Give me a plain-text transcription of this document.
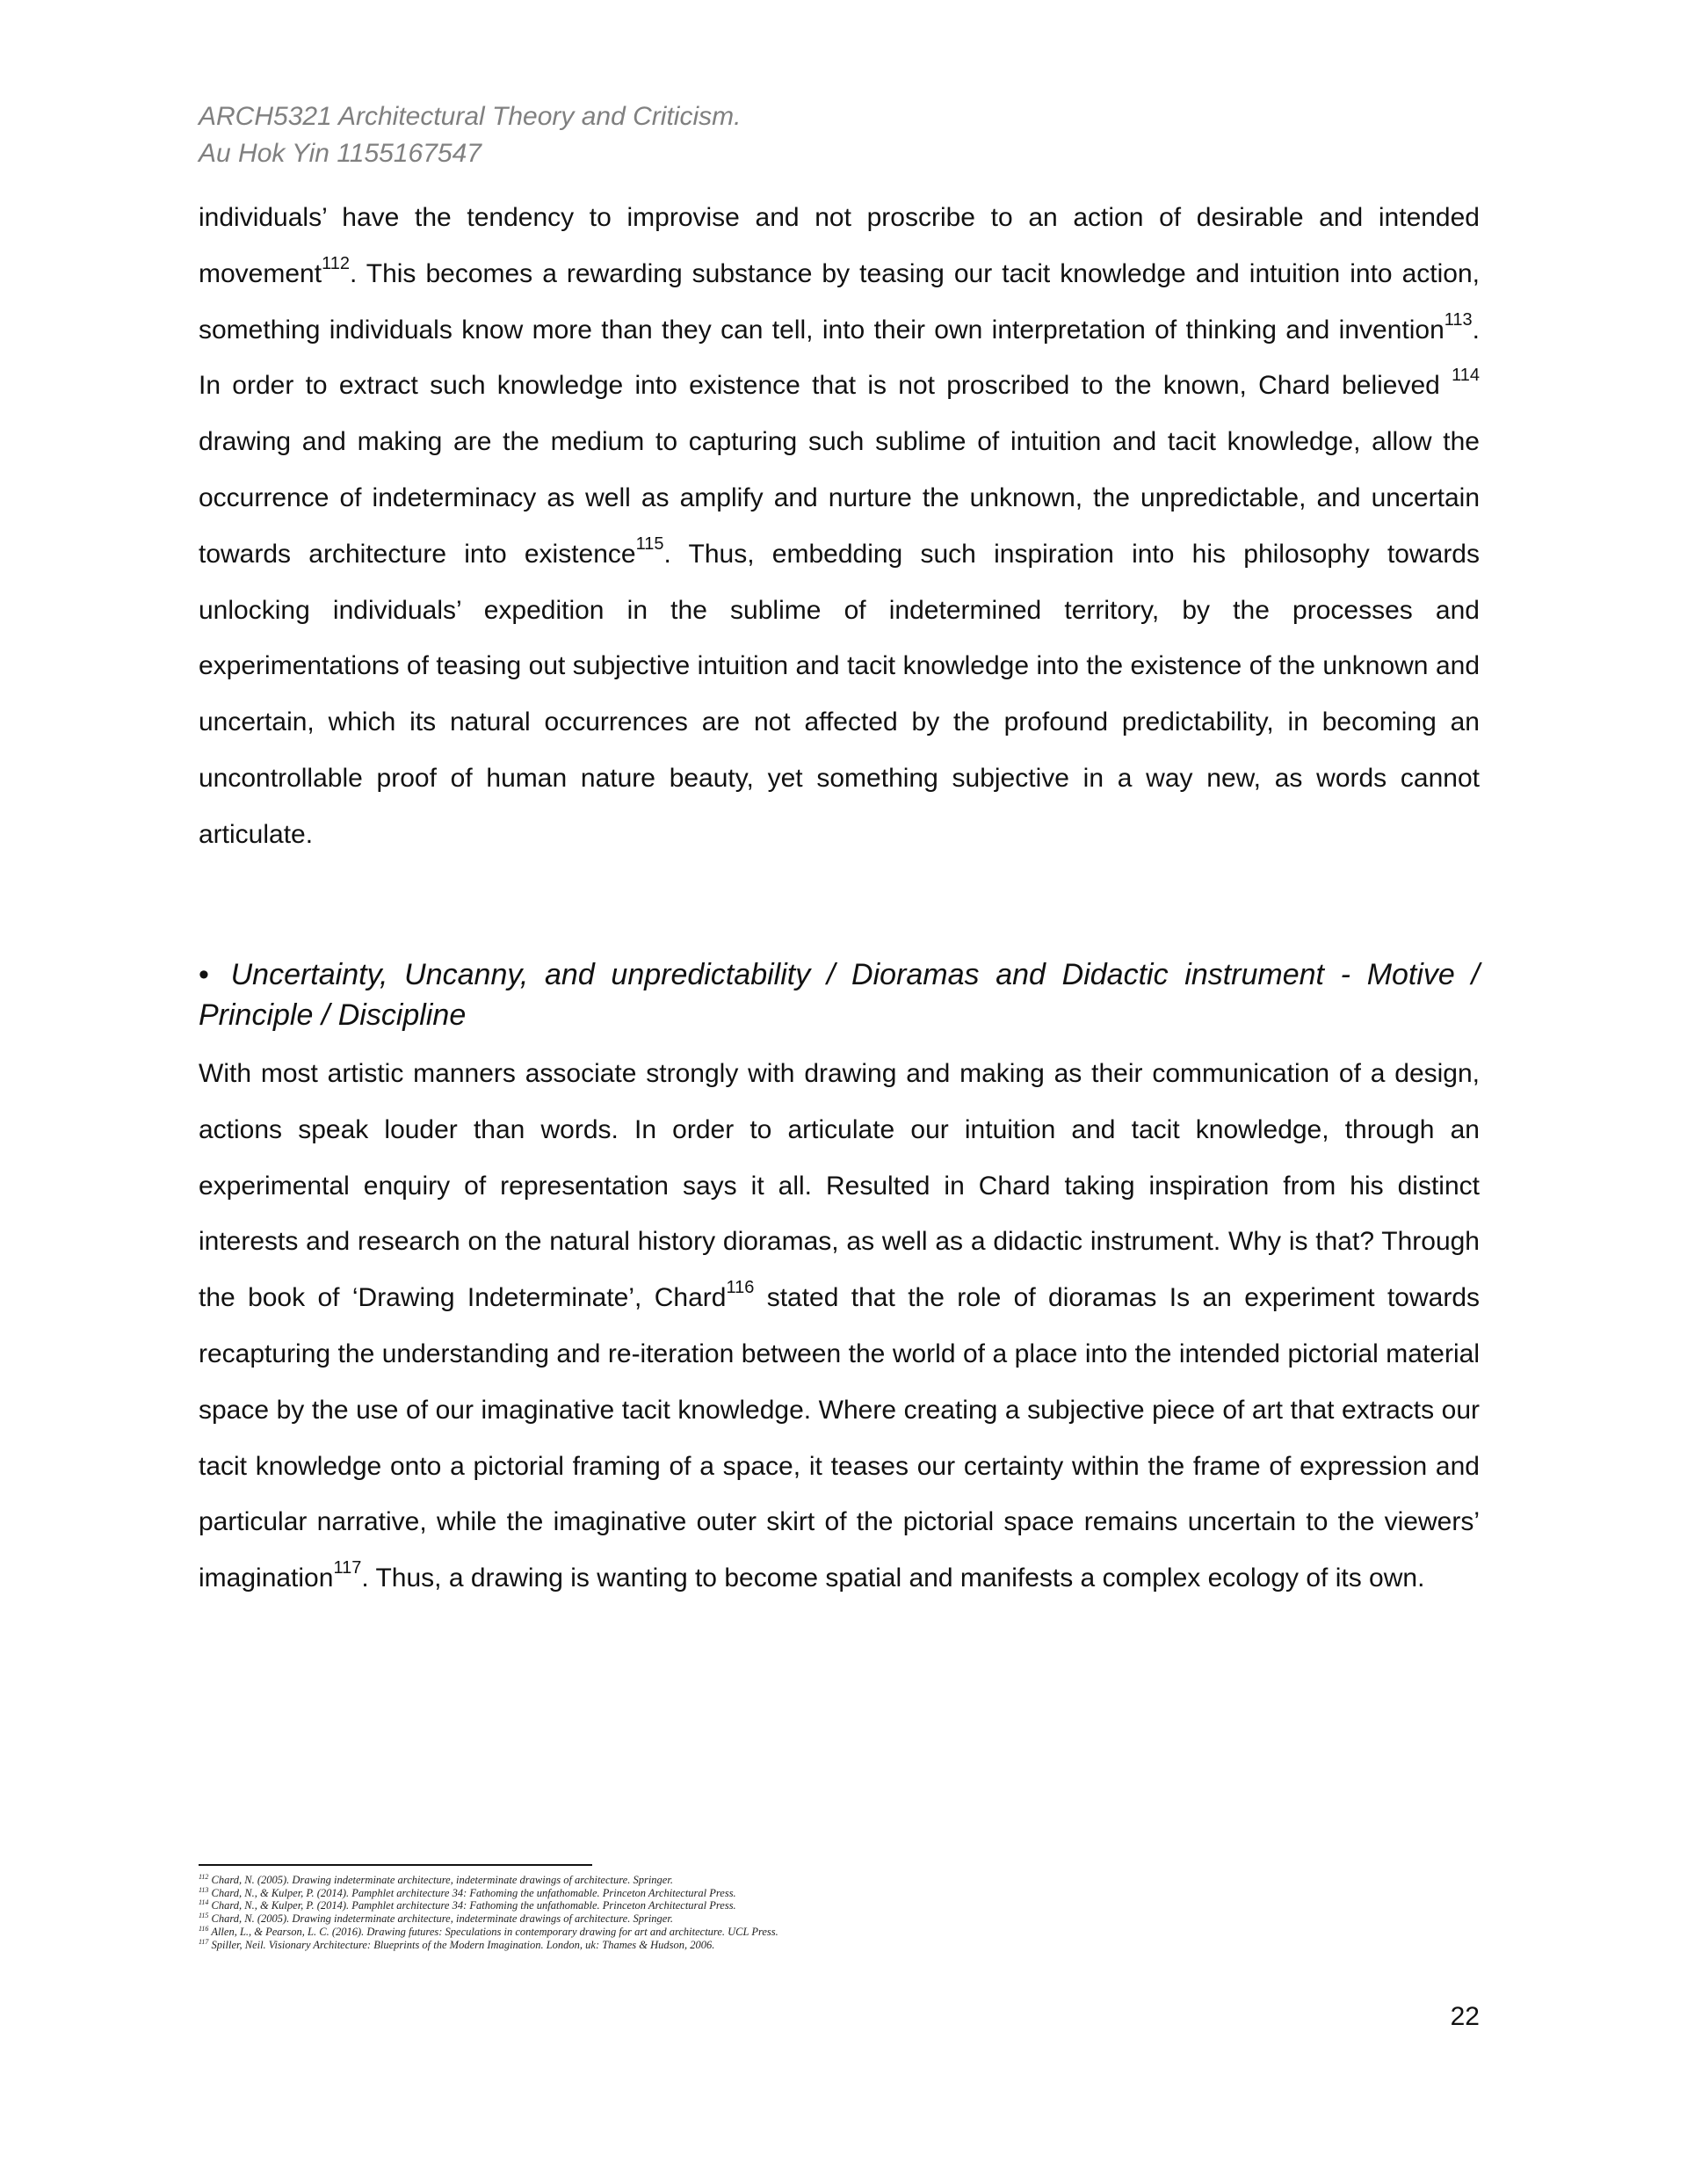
ARCH5321 Architectural Theory and Criticism.
Au Hok Yin 1155167547
individuals’ have the tendency to improvise and not proscribe to an action of desirable and intended movement$^{112}$. This becomes a rewarding substance by teasing our tacit knowledge and intuition into action, something individuals know more than they can tell, into their own interpretation of thinking and invention$^{113}$. In order to extract such knowledge into existence that is not proscribed to the known, Chard believed $^{114}$ drawing and making are the medium to capturing such sublime of intuition and tacit knowledge, allow the occurrence of indeterminacy as well as amplify and nurture the unknown, the unpredictable, and uncertain towards architecture into existence$^{115}$. Thus, embedding such inspiration into his philosophy towards unlocking individuals’ expedition in the sublime of indetermined territory, by the processes and experimentations of teasing out subjective intuition and tacit knowledge into the existence of the unknown and uncertain, which its natural occurrences are not affected by the profound predictability, in becoming an uncontrollable proof of human nature beauty, yet something subjective in a way new, as words cannot articulate.
• Uncertainty, Uncanny, and unpredictability / Dioramas and Didactic instrument - Motive / Principle / Discipline
With most artistic manners associate strongly with drawing and making as their communication of a design, actions speak louder than words. In order to articulate our intuition and tacit knowledge, through an experimental enquiry of representation says it all. Resulted in Chard taking inspiration from his distinct interests and research on the natural history dioramas, as well as a didactic instrument. Why is that? Through the book of ‘Drawing Indeterminate’, Chard$^{116}$ stated that the role of dioramas Is an experiment towards recapturing the understanding and re-iteration between the world of a place into the intended pictorial material space by the use of our imaginative tacit knowledge. Where creating a subjective piece of art that extracts our tacit knowledge onto a pictorial framing of a space, it teases our certainty within the frame of expression and particular narrative, while the imaginative outer skirt of the pictorial space remains uncertain to the viewers’ imagination$^{117}$. Thus, a drawing is wanting to become spatial and manifests a complex ecology of its own.
$^{112}$ Chard, N. (2005). Drawing indeterminate architecture, indeterminate drawings of architecture. Springer.
$^{113}$ Chard, N., & Kulper, P. (2014). Pamphlet architecture 34: Fathoming the unfathomable. Princeton Architectural Press.
$^{114}$ Chard, N., & Kulper, P. (2014). Pamphlet architecture 34: Fathoming the unfathomable. Princeton Architectural Press.
$^{115}$ Chard, N. (2005). Drawing indeterminate architecture, indeterminate drawings of architecture. Springer.
$^{116}$ Allen, L., & Pearson, L. C. (2016). Drawing futures: Speculations in contemporary drawing for art and architecture. UCL Press.
$^{117}$ Spiller, Neil. Visionary Architecture: Blueprints of the Modern Imagination. London, uk: Thames & Hudson, 2006.
22
